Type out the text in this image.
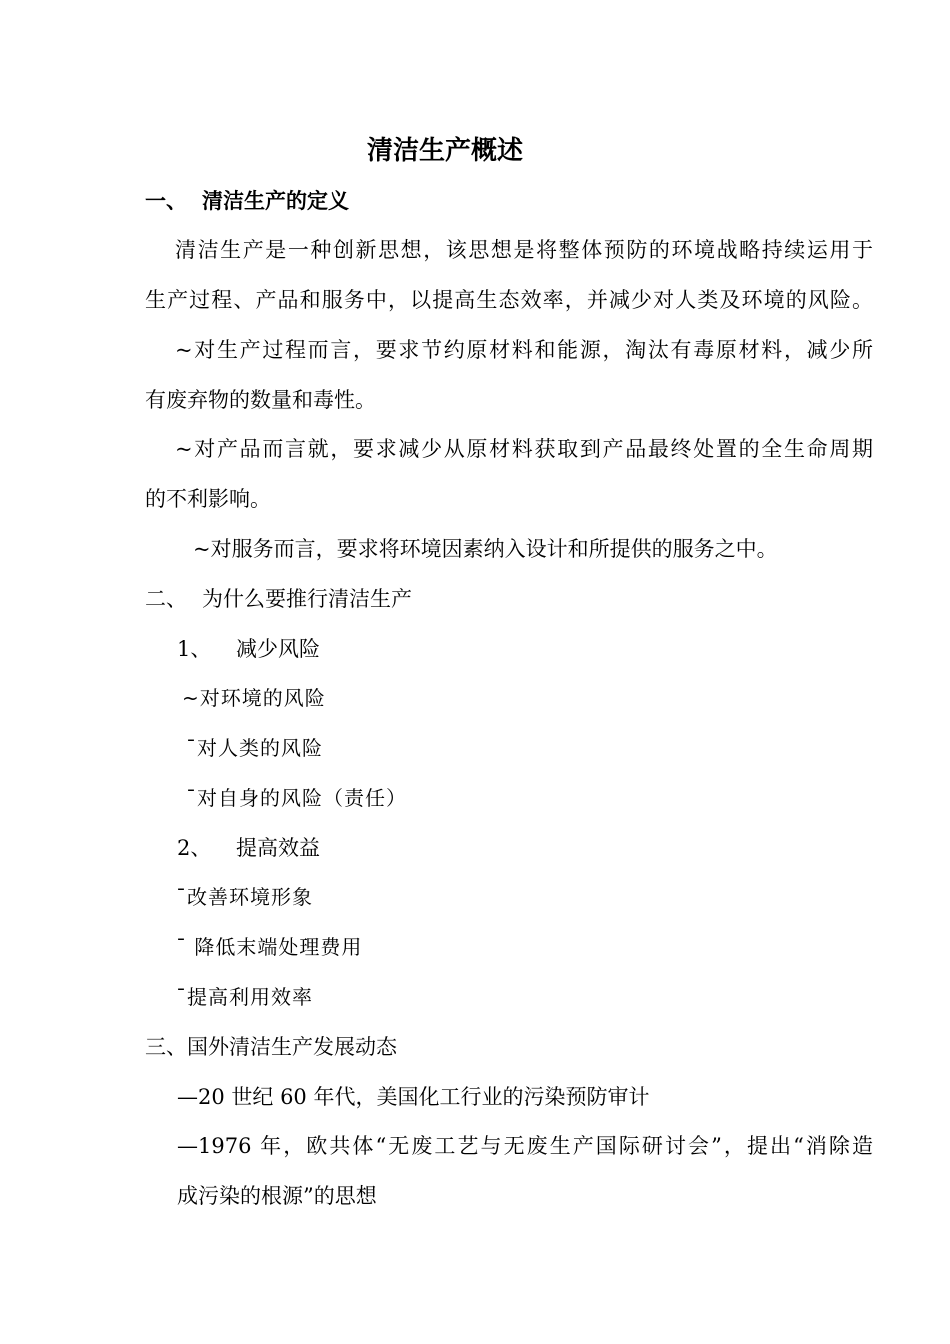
清洁生产概述
一、 清洁生产的定义
清洁生产是一种创新思想，该思想是将整体预防的环境战略持续运用于
生产过程、产品和服务中，以提高生态效率，并减少对人类及环境的风险。
~对生产过程而言，要求节约原材料和能源，淘汰有毒原材料，减少所
有废弃物的数量和毒性。
~对产品而言就，要求减少从原材料获取到产品最终处置的全生命周期
的不利影响。
~对服务而言，要求将环境因素纳入设计和所提供的服务之中。
二、 为什么要推行清洁生产
1、 减少风险
~对环境的风险
¯对人类的风险
¯对自身的风险（责任）
2、 提高效益
¯改善环境形象
¯ 降低末端处理费用
¯提高利用效率
三、国外清洁生产发展动态
—20 世纪 60 年代，美国化工行业的污染预防审计
—1976 年，欧共体“无废工艺与无废生产国际研讨会”，提出“消除造
成污染的根源”的思想
